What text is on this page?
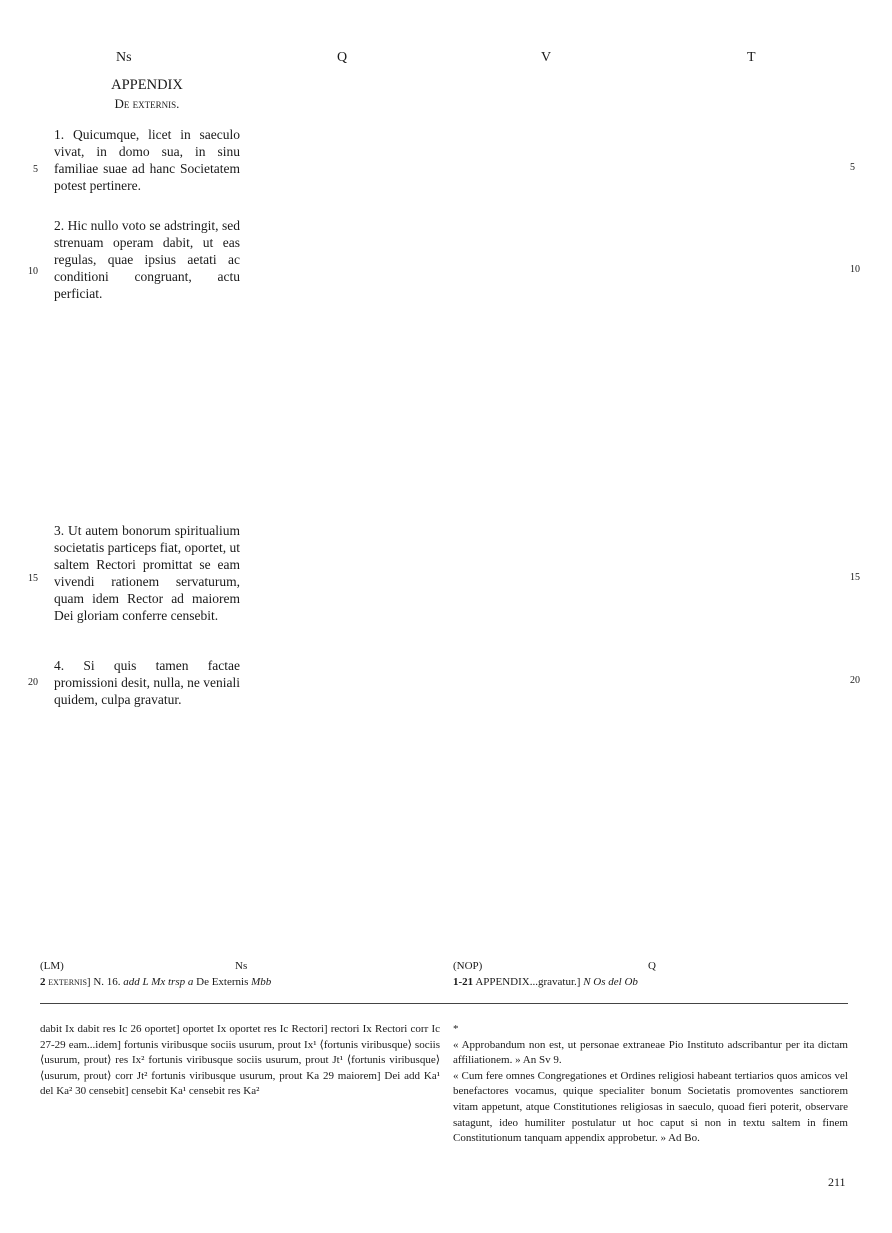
Ns	Q	V	T
APPENDIX
De externis.

1. Quicumque, licet in saeculo vivat, in domo sua, in sinu familiae suae ad hanc Societatem potest pertinere.

2. Hic nullo voto se adstringit, sed strenuam operam dabit, ut eas regulas, quae ipsius aetati ac conditioni congruant, actu perficiat.

3. Ut autem bonorum spiritualium societatis particeps fiat, oportet, ut saltem Rectori promittat se eam vivendi rationem servaturum, quam idem Rector ad maiorem Dei gloriam conferre censebit.

4. Si quis tamen factae promissioni desit, nulla, ne veniali quidem, culpa gravatur.

5
10
15
20
5
10
15
20
(LM)	Ns
2 externis] N. 16. add L Mx trsp a De Externis Mbb
(NOP)	Q
1-21 APPENDIX...gravatur.] N Os del Ob
dabit Ix dabit res Ic 26 oportet] oportet Ix oportet res Ic Rectori] rectori Ix Rectori corr Ic 27-29 eam...idem] fortunis viribusque sociis usurum, prout Ix¹ ⟨fortunis viribusque⟩ sociis ⟨usurum, prout⟩ res Ix² fortunis viribusque sociis usurum, prout Jt¹ ⟨fortunis viribusque⟩ ⟨usurum, prout⟩ corr Jt² fortunis viribusque usurum, prout Ka 29 maiorem] Dei add Ka¹ del Ka² 30 censebit] censebit Ka¹ censebit res Ka²
*
« Approbandum non est, ut personae extraneae Pio Instituto adscribantur per ita dictam affiliationem. » An Sv 9.
« Cum fere omnes Congregationes et Ordines religiosi habeant tertiarios quos amicos vel benefactores vocamus, quique specialiter bonum Societatis promoventes sanctiorem vitam appetunt, atque Constitutiones religiosas in saeculo, quoad fieri poterit, observare satagunt, ideo humiliter postulatur ut hoc caput si non in textu saltem in finem Constitutionum tanquam appendix approbetur. » Ad Bo.
211
